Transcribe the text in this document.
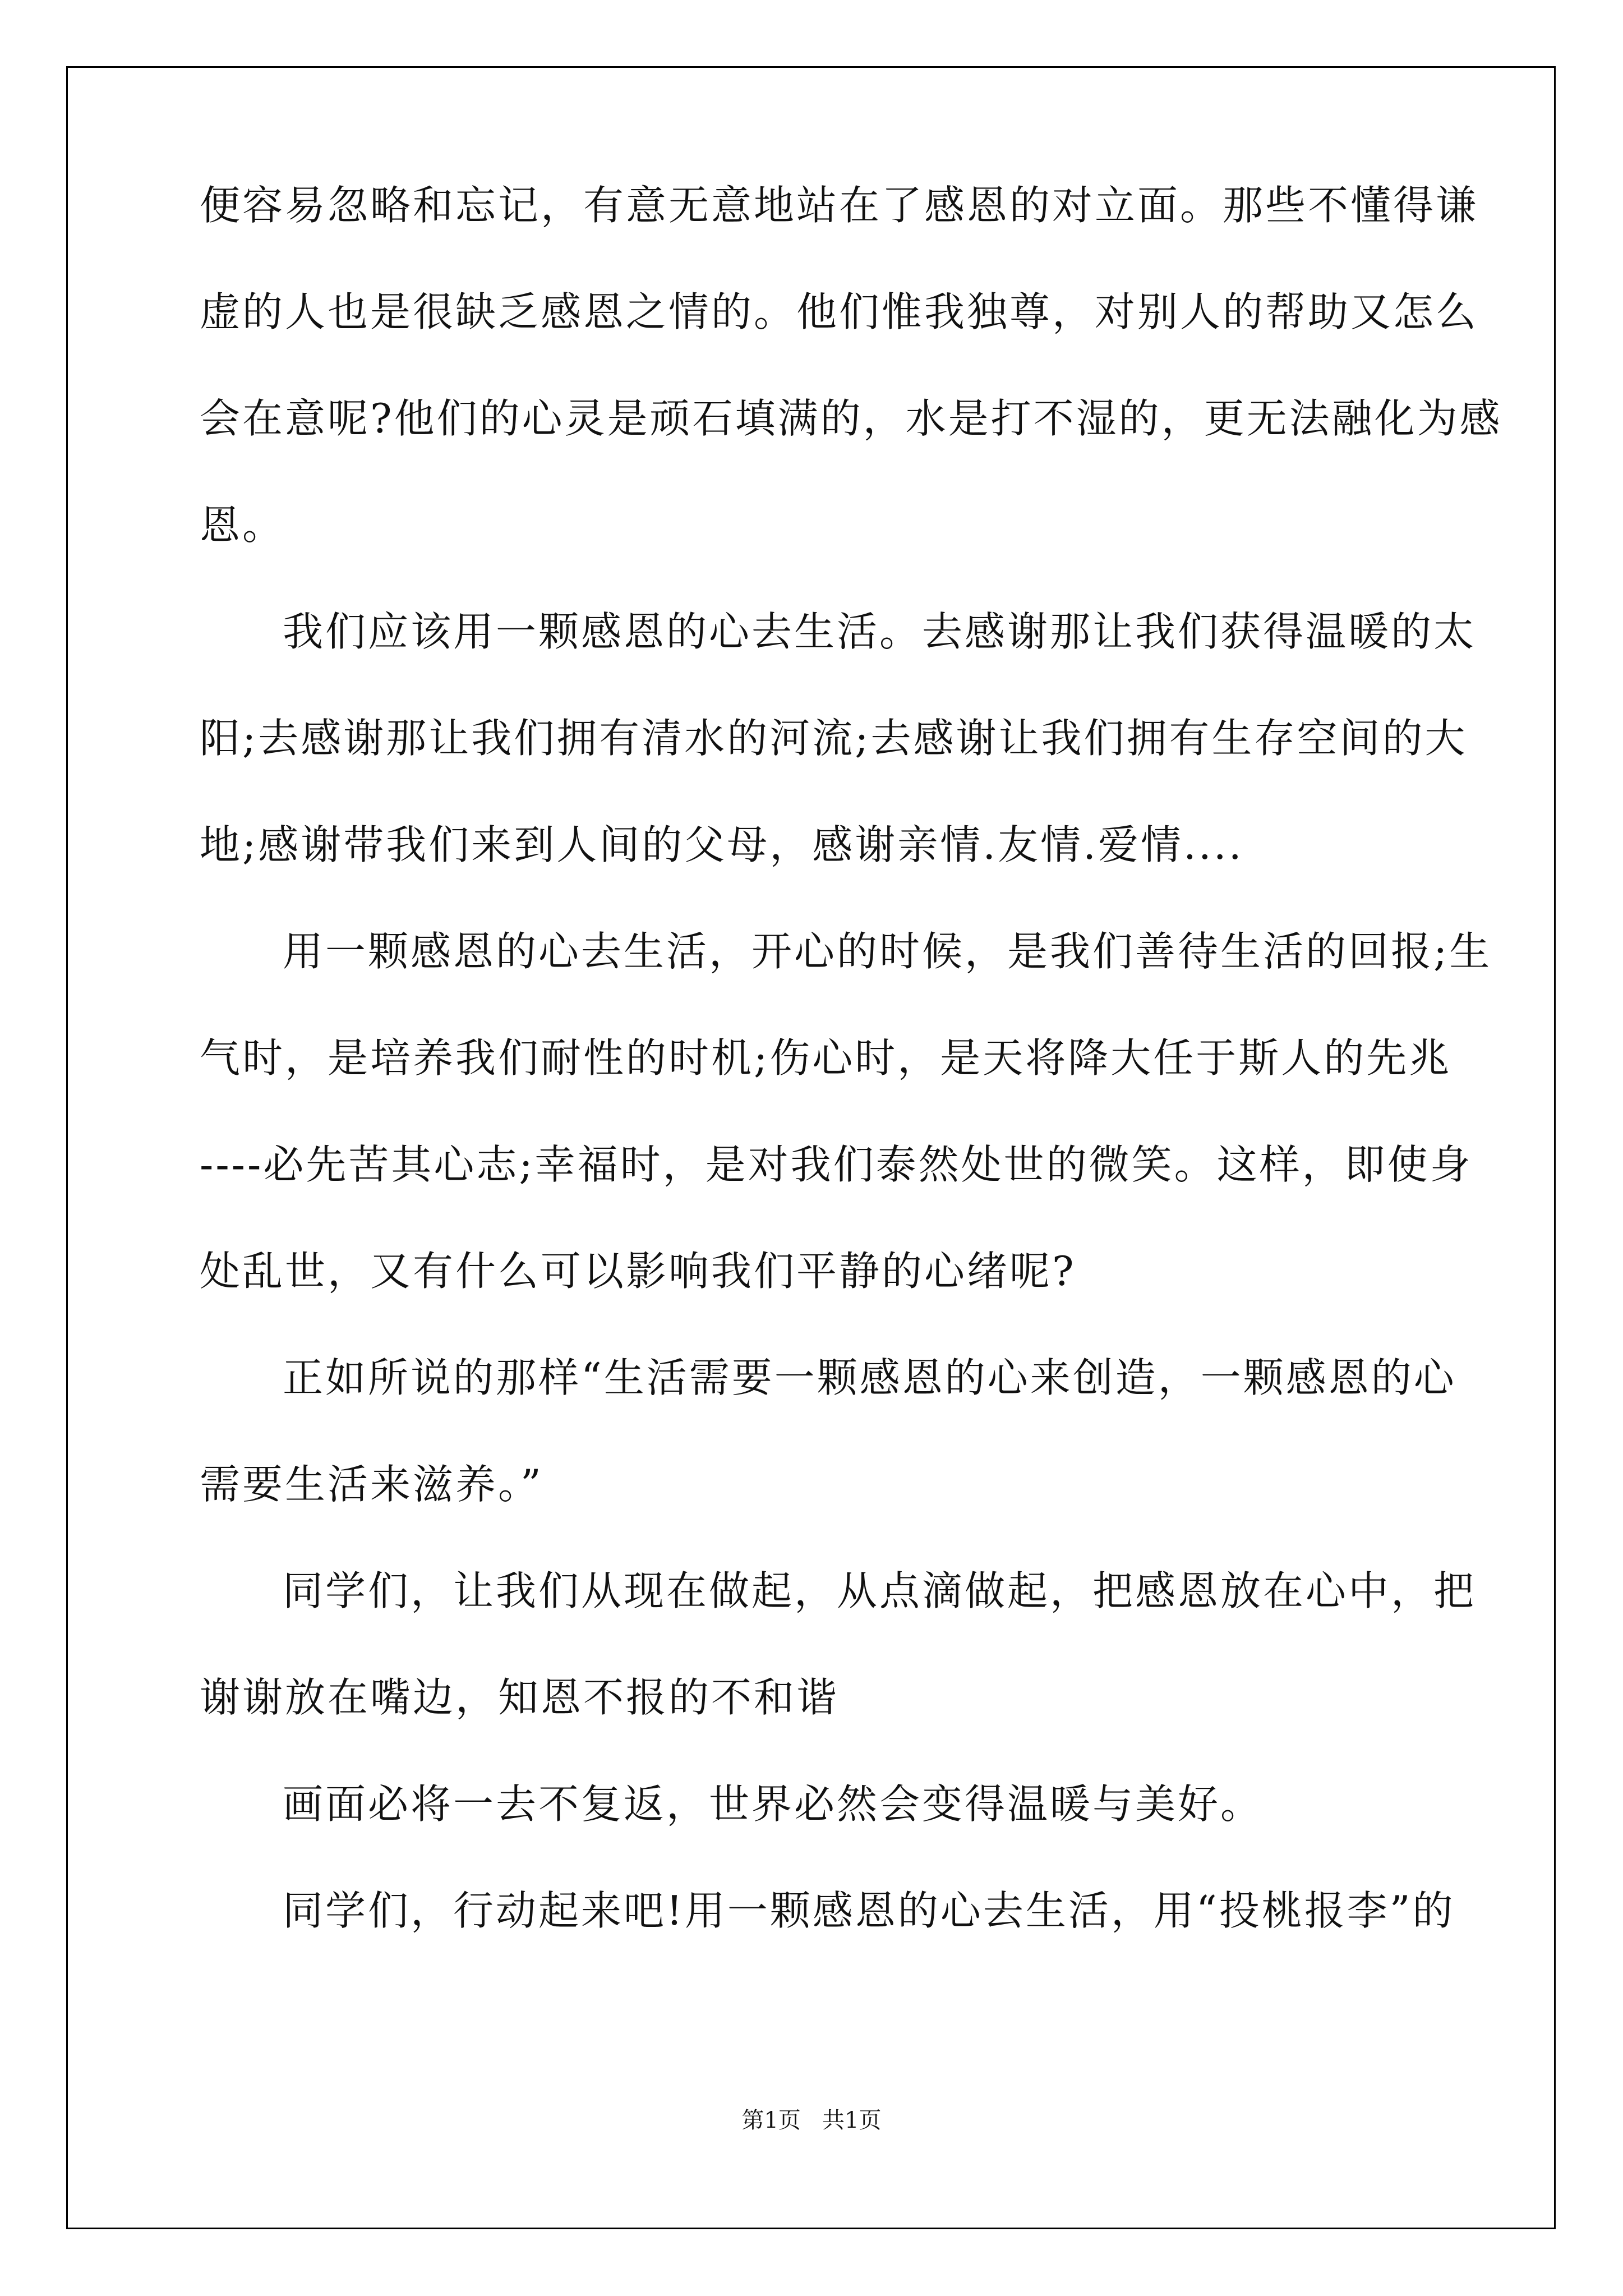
便容易忽略和忘记，有意无意地站在了感恩的对立面。那些不懂得谦
虚的人也是很缺乏感恩之情的。他们惟我独尊，对别人的帮助又怎么
会在意呢?他们的心灵是顽石填满的，水是打不湿的，更无法融化为感
恩。
我们应该用一颗感恩的心去生活。去感谢那让我们获得温暖的太
阳;去感谢那让我们拥有清水的河流;去感谢让我们拥有生存空间的大
地;感谢带我们来到人间的父母，感谢亲情.友情.爱情....
用一颗感恩的心去生活，开心的时候，是我们善待生活的回报;生
气时，是培养我们耐性的时机;伤心时，是天将降大任于斯人的先兆
----必先苦其心志;幸福时，是对我们泰然处世的微笑。这样，即使身
处乱世，又有什么可以影响我们平静的心绪呢?
正如所说的那样“生活需要一颗感恩的心来创造，一颗感恩的心
需要生活来滋养。”
同学们，让我们从现在做起，从点滴做起，把感恩放在心中，把
谢谢放在嘴边，知恩不报的不和谐
画面必将一去不复返，世界必然会变得温暖与美好。
同学们，行动起来吧!用一颗感恩的心去生活，用“投桃报李”的
第1页   共1页
